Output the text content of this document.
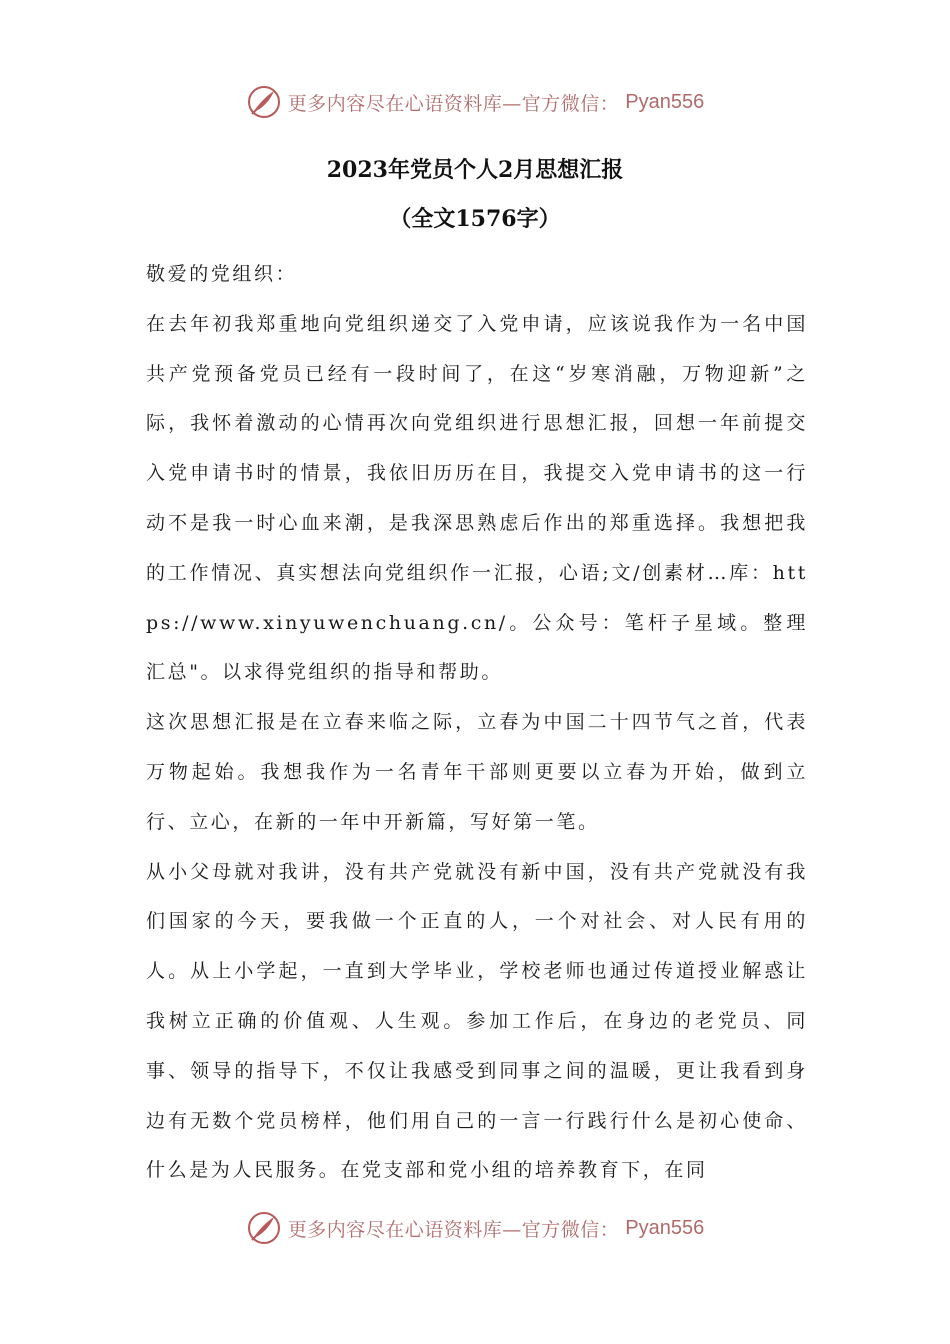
更多内容尽在心语资料库—官方微信： Pyan556
2023年党员个人2月思想汇报
（全文1576字）

敬爱的党组织：

在去年初我郑重地向党组织递交了入党申请，应该说我作为一名中国共产党预备党员已经有一段时间了，在这“岁寒消融，万物迎新”之际，我怀着激动的心情再次向党组织进行思想汇报，回想一年前提交入党申请书时的情景，我依旧历历在目，我提交入党申请书的这一行动不是我一时心血来潮，是我深思熟虑后作出的郑重选择。我想把我的工作情况、真实想法向党组织作一汇报，心语;文/创素材…库：https://www.xinyuwenchuang.cn/。公众号：笔杆子星域。整理汇总"。以求得党组织的指导和帮助。

这次思想汇报是在立春来临之际，立春为中国二十四节气之首，代表万物起始。我想我作为一名青年干部则更要以立春为开始，做到立行、立心，在新的一年中开新篇，写好第一笔。

从小父母就对我讲，没有共产党就没有新中国，没有共产党就没有我们国家的今天，要我做一个正直的人，一个对社会、对人民有用的人。从上小学起，一直到大学毕业，学校老师也通过传道授业解惑让我树立正确的价值观、人生观。参加工作后，在身边的老党员、同事、领导的指导下，不仅让我感受到同事之间的温暖，更让我看到身边有无数个党员榜样，他们用自己的一言一行践行什么是初心使命、什么是为人民服务。在党支部和党小组的培养教育下，在同

更多内容尽在心语资料库—官方微信： Pyan556
